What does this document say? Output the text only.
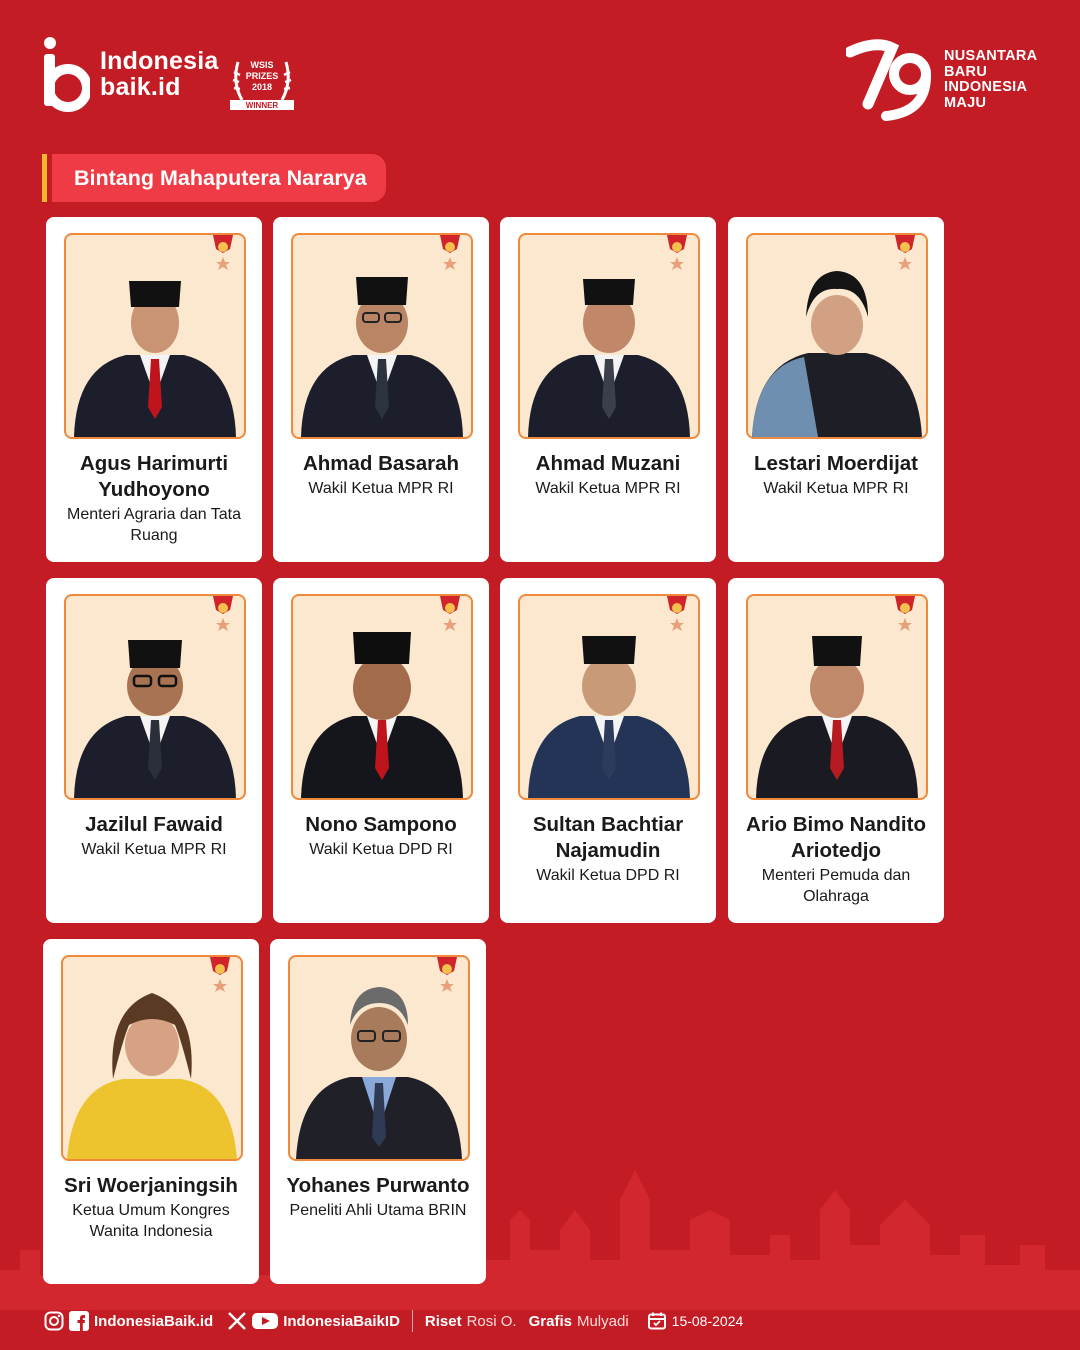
Indonesia
baik.id
WSIS
PRIZES
2018
WINNER
NUSANTARA
BARU
INDONESIA
MAJU
Bintang Mahaputera Nararya
Agus Harimurti Yudhoyono
Menteri Agraria dan Tata Ruang
Ahmad Basarah
Wakil Ketua MPR RI
Ahmad Muzani
Wakil Ketua MPR RI
Lestari Moerdijat
Wakil Ketua MPR RI
Jazilul Fawaid
Wakil Ketua MPR RI
Nono Sampono
Wakil Ketua DPD RI
Sultan Bachtiar Najamudin
Wakil Ketua DPD RI
Ario Bimo Nandito Ariotedjo
Menteri Pemuda dan Olahraga
Sri Woerjaningsih
Ketua Umum Kongres Wanita Indonesia
Yohanes Purwanto
Peneliti Ahli Utama BRIN
IndonesiaBaik.id	IndonesiaBaikID Riset Rosi O. Grafis Mulyadi	15-08-2024
